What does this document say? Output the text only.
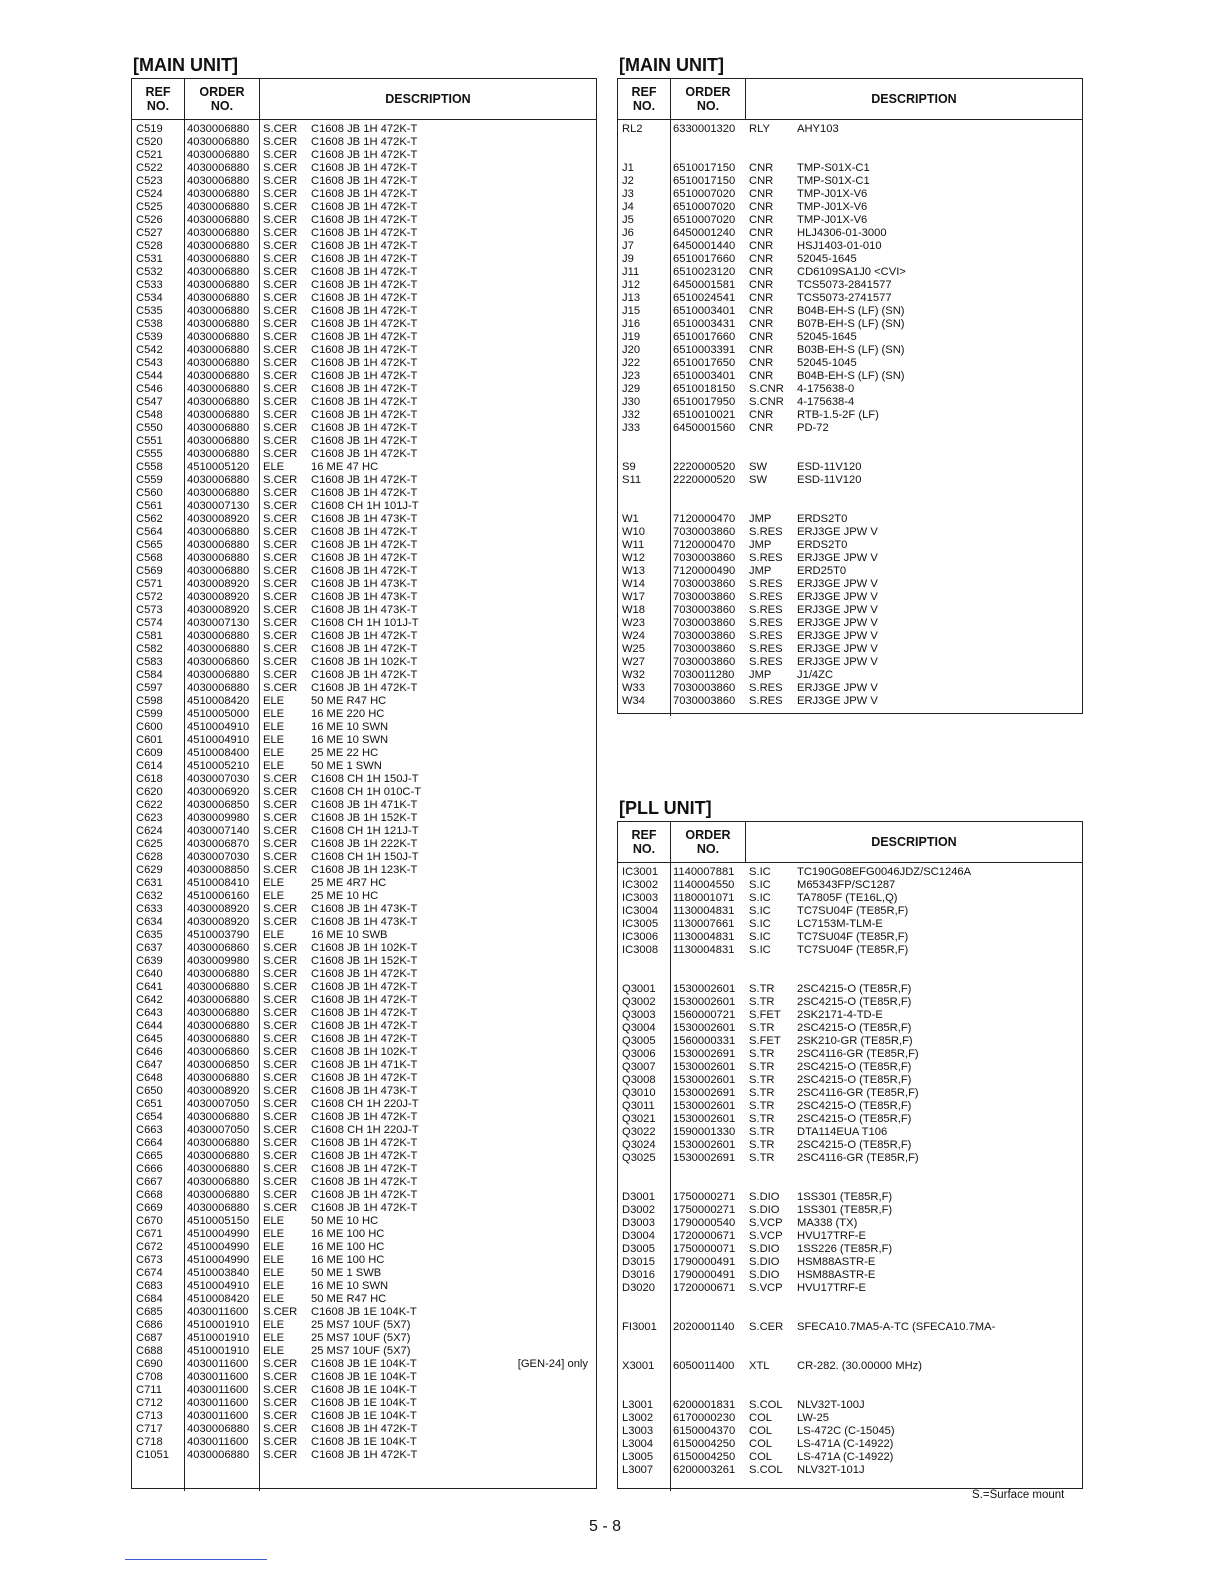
[MAIN UNIT]
REF
NO.
ORDER
NO.	DESCRIPTION
C519	4030006880	S.CER	C1608 JB 1H 472K-T
C520	4030006880	S.CER	C1608 JB 1H 472K-T
C521	4030006880	S.CER	C1608 JB 1H 472K-T
C522	4030006880	S.CER	C1608 JB 1H 472K-T
C523	4030006880	S.CER	C1608 JB 1H 472K-T
C524	4030006880	S.CER	C1608 JB 1H 472K-T
C525	4030006880	S.CER	C1608 JB 1H 472K-T
C526	4030006880	S.CER	C1608 JB 1H 472K-T
C527	4030006880	S.CER	C1608 JB 1H 472K-T
C528	4030006880	S.CER	C1608 JB 1H 472K-T
C531	4030006880	S.CER	C1608 JB 1H 472K-T
C532	4030006880	S.CER	C1608 JB 1H 472K-T
C533	4030006880	S.CER	C1608 JB 1H 472K-T
C534	4030006880	S.CER	C1608 JB 1H 472K-T
C535	4030006880	S.CER	C1608 JB 1H 472K-T
C538	4030006880	S.CER	C1608 JB 1H 472K-T
C539	4030006880	S.CER	C1608 JB 1H 472K-T
C542	4030006880	S.CER	C1608 JB 1H 472K-T
C543	4030006880	S.CER	C1608 JB 1H 472K-T
C544	4030006880	S.CER	C1608 JB 1H 472K-T
C546	4030006880	S.CER	C1608 JB 1H 472K-T
C547	4030006880	S.CER	C1608 JB 1H 472K-T
C548	4030006880	S.CER	C1608 JB 1H 472K-T
C550	4030006880	S.CER	C1608 JB 1H 472K-T
C551	4030006880	S.CER	C1608 JB 1H 472K-T
C555	4030006880	S.CER	C1608 JB 1H 472K-T
C558	4510005120	ELE	16 ME 47 HC
C559	4030006880	S.CER	C1608 JB 1H 472K-T
C560	4030006880	S.CER	C1608 JB 1H 472K-T
C561	4030007130	S.CER	C1608 CH 1H 101J-T
C562	4030008920	S.CER	C1608 JB 1H 473K-T
C564	4030006880	S.CER	C1608 JB 1H 472K-T
C565	4030006880	S.CER	C1608 JB 1H 472K-T
C568	4030006880	S.CER	C1608 JB 1H 472K-T
C569	4030006880	S.CER	C1608 JB 1H 472K-T
C571	4030008920	S.CER	C1608 JB 1H 473K-T
C572	4030008920	S.CER	C1608 JB 1H 473K-T
C573	4030008920	S.CER	C1608 JB 1H 473K-T
C574	4030007130	S.CER	C1608 CH 1H 101J-T
C581	4030006880	S.CER	C1608 JB 1H 472K-T
C582	4030006880	S.CER	C1608 JB 1H 472K-T
C583	4030006860	S.CER	C1608 JB 1H 102K-T
C584	4030006880	S.CER	C1608 JB 1H 472K-T
C597	4030006880	S.CER	C1608 JB 1H 472K-T
C598	4510008420	ELE	50 ME R47 HC
C599	4510005000	ELE	16 ME 220 HC
C600	4510004910	ELE	16 ME 10 SWN
C601	4510004910	ELE	16 ME 10 SWN
C609	4510008400	ELE	25 ME 22 HC
C614	4510005210	ELE	50 ME 1 SWN
C618	4030007030	S.CER	C1608 CH 1H 150J-T
C620	4030006920	S.CER	C1608 CH 1H 010C-T
C622	4030006850	S.CER	C1608 JB 1H 471K-T
C623	4030009980	S.CER	C1608 JB 1H 152K-T
C624	4030007140	S.CER	C1608 CH 1H 121J-T
C625	4030006870	S.CER	C1608 JB 1H 222K-T
C628	4030007030	S.CER	C1608 CH 1H 150J-T
C629	4030008850	S.CER	C1608 JB 1H 123K-T
C631	4510008410	ELE	25 ME 4R7 HC
C632	4510006160	ELE	25 ME 10 HC
C633	4030008920	S.CER	C1608 JB 1H 473K-T
C634	4030008920	S.CER	C1608 JB 1H 473K-T
C635	4510003790	ELE	16 ME 10 SWB
C637	4030006860	S.CER	C1608 JB 1H 102K-T
C639	4030009980	S.CER	C1608 JB 1H 152K-T
C640	4030006880	S.CER	C1608 JB 1H 472K-T
C641	4030006880	S.CER	C1608 JB 1H 472K-T
C642	4030006880	S.CER	C1608 JB 1H 472K-T
C643	4030006880	S.CER	C1608 JB 1H 472K-T
C644	4030006880	S.CER	C1608 JB 1H 472K-T
C645	4030006880	S.CER	C1608 JB 1H 472K-T
C646	4030006860	S.CER	C1608 JB 1H 102K-T
C647	4030006850	S.CER	C1608 JB 1H 471K-T
C648	4030006880	S.CER	C1608 JB 1H 472K-T
C650	4030008920	S.CER	C1608 JB 1H 473K-T
C651	4030007050	S.CER	C1608 CH 1H 220J-T
C654	4030006880	S.CER	C1608 JB 1H 472K-T
C663	4030007050	S.CER	C1608 CH 1H 220J-T
C664	4030006880	S.CER	C1608 JB 1H 472K-T
C665	4030006880	S.CER	C1608 JB 1H 472K-T
C666	4030006880	S.CER	C1608 JB 1H 472K-T
C667	4030006880	S.CER	C1608 JB 1H 472K-T
C668	4030006880	S.CER	C1608 JB 1H 472K-T
C669	4030006880	S.CER	C1608 JB 1H 472K-T
C670	4510005150	ELE	50 ME 10 HC
C671	4510004990	ELE	16 ME 100 HC
C672	4510004990	ELE	16 ME 100 HC
C673	4510004990	ELE	16 ME 100 HC
C674	4510003840	ELE	50 ME 1 SWB
C683	4510004910	ELE	16 ME 10 SWN
C684	4510008420	ELE	50 ME R47 HC
C685	4030011600	S.CER	C1608 JB 1E 104K-T
C686	4510001910	ELE	25 MS7 10UF (5X7)
C687	4510001910	ELE	25 MS7 10UF (5X7)
C688	4510001910	ELE	25 MS7 10UF (5X7)
C690	4030011600	S.CER	C1608 JB 1E 104K-T	[GEN-24] only
C708	4030011600	S.CER	C1608 JB 1E 104K-T
C711	4030011600	S.CER	C1608 JB 1E 104K-T
C712	4030011600	S.CER	C1608 JB 1E 104K-T
C713	4030011600	S.CER	C1608 JB 1E 104K-T
C717	4030006880	S.CER	C1608 JB 1H 472K-T
C718	4030011600	S.CER	C1608 JB 1E 104K-T
C1051	4030006880	S.CER	C1608 JB 1H 472K-T
[MAIN UNIT]
REF
NO.
ORDER
NO.	DESCRIPTION
RL2	6330001320	RLY	AHY103
J1	6510017150	CNR	TMP-S01X-C1
J2	6510017150	CNR	TMP-S01X-C1
J3	6510007020	CNR	TMP-J01X-V6
J4	6510007020	CNR	TMP-J01X-V6
J5	6510007020	CNR	TMP-J01X-V6
J6	6450001240	CNR	HLJ4306-01-3000
J7	6450001440	CNR	HSJ1403-01-010
J9	6510017660	CNR	52045-1645
J11	6510023120	CNR	CD6109SA1J0 <CVI>
J12	6450001581	CNR	TCS5073-2841577
J13	6510024541	CNR	TCS5073-2741577
J15	6510003401	CNR	B04B-EH-S (LF) (SN)
J16	6510003431	CNR	B07B-EH-S (LF) (SN)
J19	6510017660	CNR	52045-1645
J20	6510003391	CNR	B03B-EH-S (LF) (SN)
J22	6510017650	CNR	52045-1045
J23	6510003401	CNR	B04B-EH-S (LF) (SN)
J29	6510018150	S.CNR	4-175638-0
J30	6510017950	S.CNR	4-175638-4
J32	6510010021	CNR	RTB-1.5-2F (LF)
J33	6450001560	CNR	PD-72
S9	2220000520	SW	ESD-11V120
S11	2220000520	SW	ESD-11V120
W1	7120000470	JMP	ERDS2T0
W10	7030003860	S.RES	ERJ3GE JPW V
W11	7120000470	JMP	ERDS2T0
W12	7030003860	S.RES	ERJ3GE JPW V
W13	7120000490	JMP	ERD25T0
W14	7030003860	S.RES	ERJ3GE JPW V
W17	7030003860	S.RES	ERJ3GE JPW V
W18	7030003860	S.RES	ERJ3GE JPW V
W23	7030003860	S.RES	ERJ3GE JPW V
W24	7030003860	S.RES	ERJ3GE JPW V
W25	7030003860	S.RES	ERJ3GE JPW V
W27	7030003860	S.RES	ERJ3GE JPW V
W32	7030011280	JMP	J1/4ZC
W33	7030003860	S.RES	ERJ3GE JPW V
W34	7030003860	S.RES	ERJ3GE JPW V
[PLL UNIT]
REF
NO.
ORDER
NO.	DESCRIPTION
IC3001	1140007881	S.IC	TC190G08EFG0046JDZ/SC1246A
IC3002	1140004550	S.IC	M65343FP/SC1287
IC3003	1180001071	S.IC	TA7805F (TE16L,Q)
IC3004	1130004831	S.IC	TC7SU04F (TE85R,F)
IC3005	1130007661	S.IC	LC7153M-TLM-E
IC3006	1130004831	S.IC	TC7SU04F (TE85R,F)
IC3008	1130004831	S.IC	TC7SU04F (TE85R,F)
Q3001	1530002601	S.TR	2SC4215-O (TE85R,F)
Q3002	1530002601	S.TR	2SC4215-O (TE85R,F)
Q3003	1560000721	S.FET	2SK2171-4-TD-E
Q3004	1530002601	S.TR	2SC4215-O (TE85R,F)
Q3005	1560000331	S.FET	2SK210-GR (TE85R,F)
Q3006	1530002691	S.TR	2SC4116-GR (TE85R,F)
Q3007	1530002601	S.TR	2SC4215-O (TE85R,F)
Q3008	1530002601	S.TR	2SC4215-O (TE85R,F)
Q3010	1530002691	S.TR	2SC4116-GR (TE85R,F)
Q3011	1530002601	S.TR	2SC4215-O (TE85R,F)
Q3021	1530002601	S.TR	2SC4215-O (TE85R,F)
Q3022	1590001330	S.TR	DTA114EUA T106
Q3024	1530002601	S.TR	2SC4215-O (TE85R,F)
Q3025	1530002691	S.TR	2SC4116-GR (TE85R,F)
D3001	1750000271	S.DIO	1SS301 (TE85R,F)
D3002	1750000271	S.DIO	1SS301 (TE85R,F)
D3003	1790000540	S.VCP	MA338 (TX)
D3004	1720000671	S.VCP	HVU17TRF-E
D3005	1750000071	S.DIO	1SS226 (TE85R,F)
D3015	1790000491	S.DIO	HSM88ASTR-E
D3016	1790000491	S.DIO	HSM88ASTR-E
D3020	1720000671	S.VCP	HVU17TRF-E
FI3001	2020001140	S.CER	SFECA10.7MA5-A-TC (SFECA10.7MA-
X3001	6050011400	XTL	CR-282. (30.00000 MHz)
L3001	6200001831	S.COL	NLV32T-100J
L3002	6170000230	COL	LW-25
L3003	6150004370	COL	LS-472C (C-15045)
L3004	6150004250	COL	LS-471A (C-14922)
L3005	6150004250	COL	LS-471A (C-14922)
L3007	6200003261	S.COL	NLV32T-101J
S.=Surface mount
5 - 8
